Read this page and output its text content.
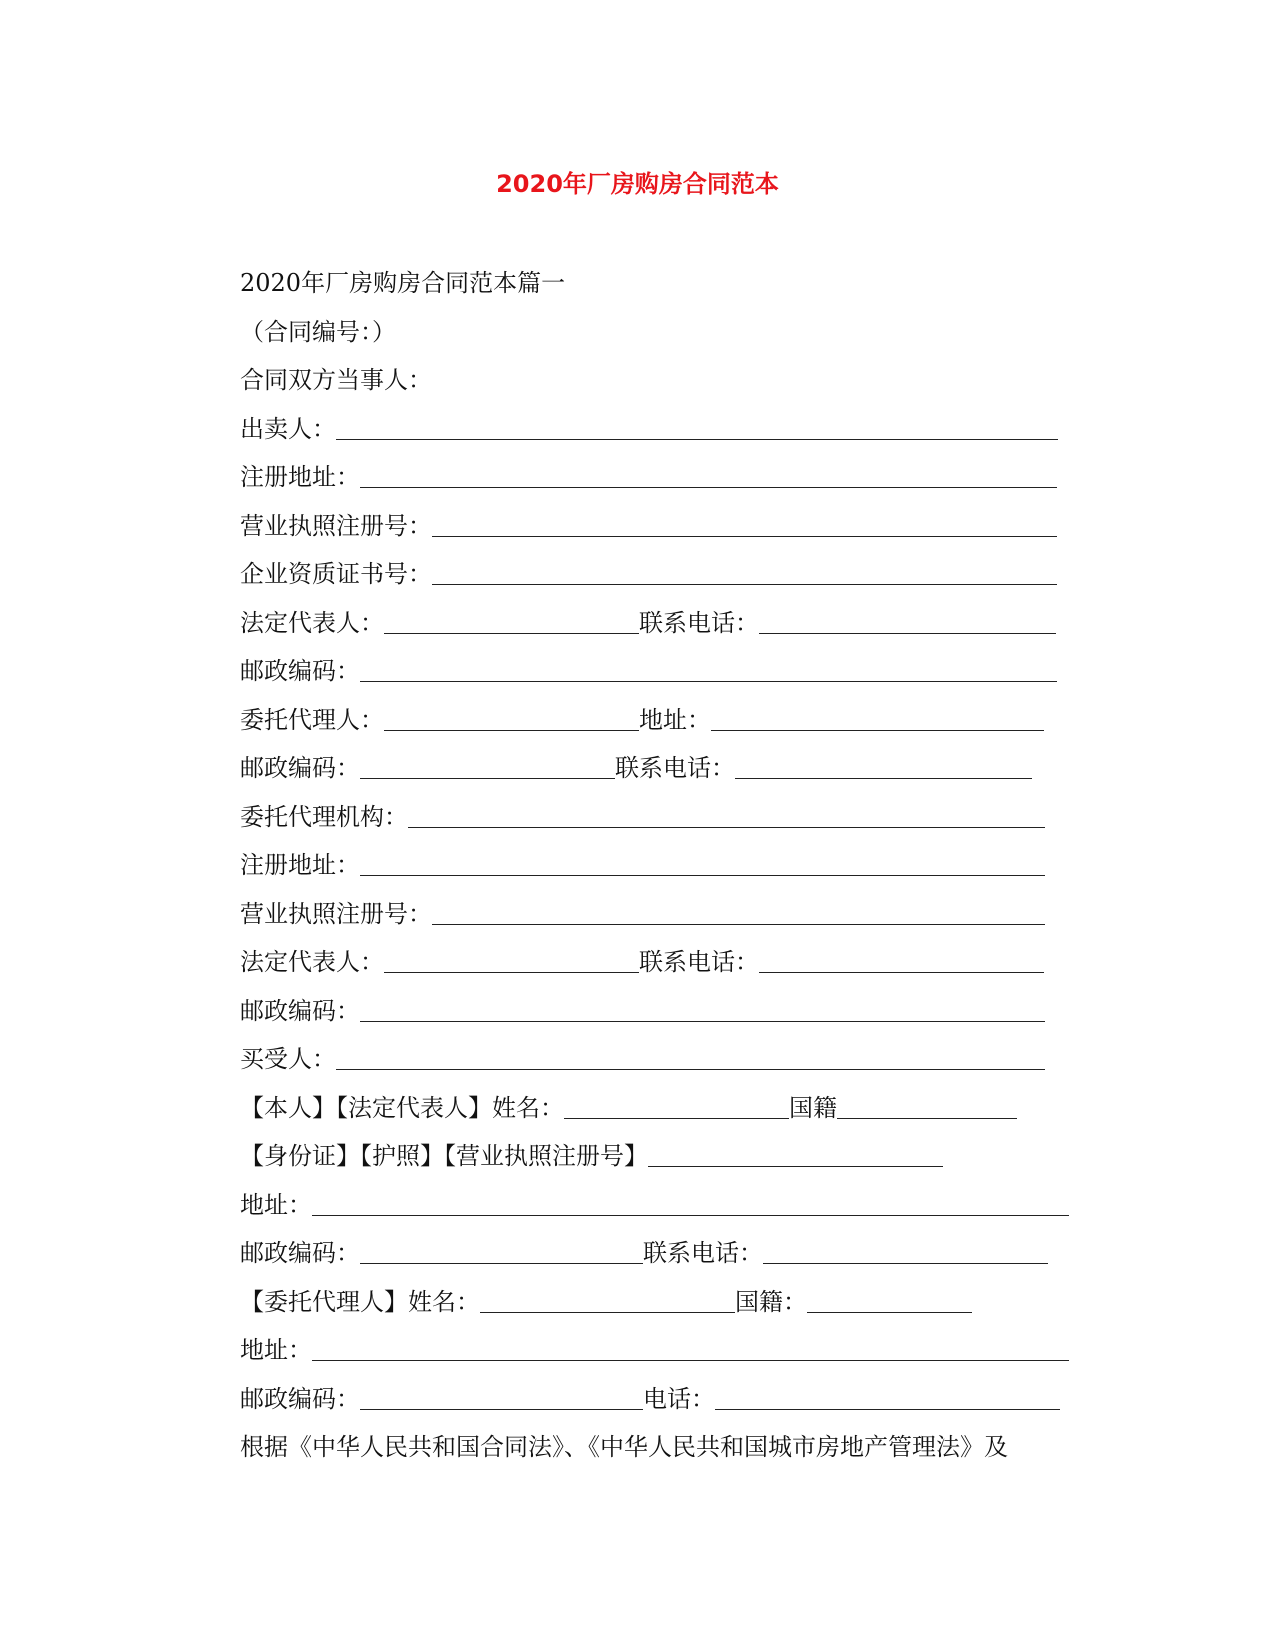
2020年厂房购房合同范本
2020年厂房购房合同范本篇一
（合同编号：）
合同双方当事人：
出卖人：
注册地址：
营业执照注册号：
企业资质证书号：
法定代表人：	联系电话：
邮政编码：
委托代理人：	地址：
邮政编码：	联系电话：
委托代理机构：
注册地址：
营业执照注册号：
法定代表人：	联系电话：
邮政编码：
买受人：
【本人】【法定代表人】姓名：	国籍
【身份证】【护照】【营业执照注册号】
地址：
邮政编码：	联系电话：
【委托代理人】姓名：	国籍：
地址：
邮政编码：	电话：
根据《中华人民共和国合同法》、《中华人民共和国城市房地产管理法》及
